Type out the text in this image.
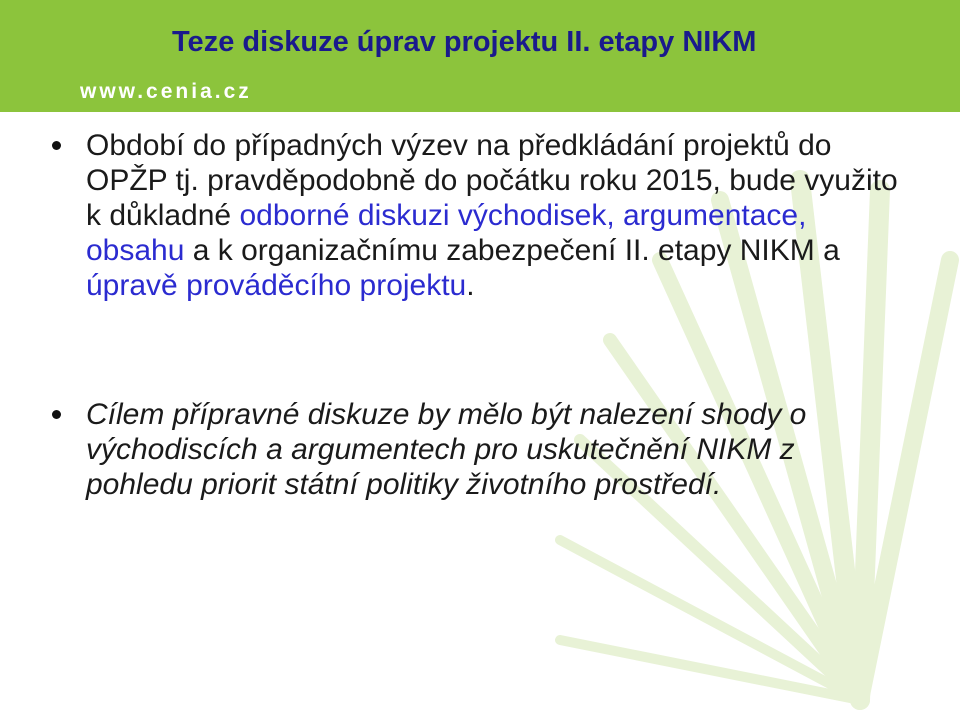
Teze diskuze úprav projektu II. etapy NIKM
www.cenia.cz
Období do případných výzev na předkládání projektů do OPŽP tj. pravděpodobně do počátku roku 2015, bude využito k důkladné odborné diskuzi východisek, argumentace, obsahu a k organizačnímu zabezpečení II. etapy NIKM a úpravě prováděcího projektu.
Cílem přípravné diskuze by mělo být nalezení shody o východiscích a argumentech pro uskutečnění NIKM z pohledu priorit státní politiky životního prostředí.
